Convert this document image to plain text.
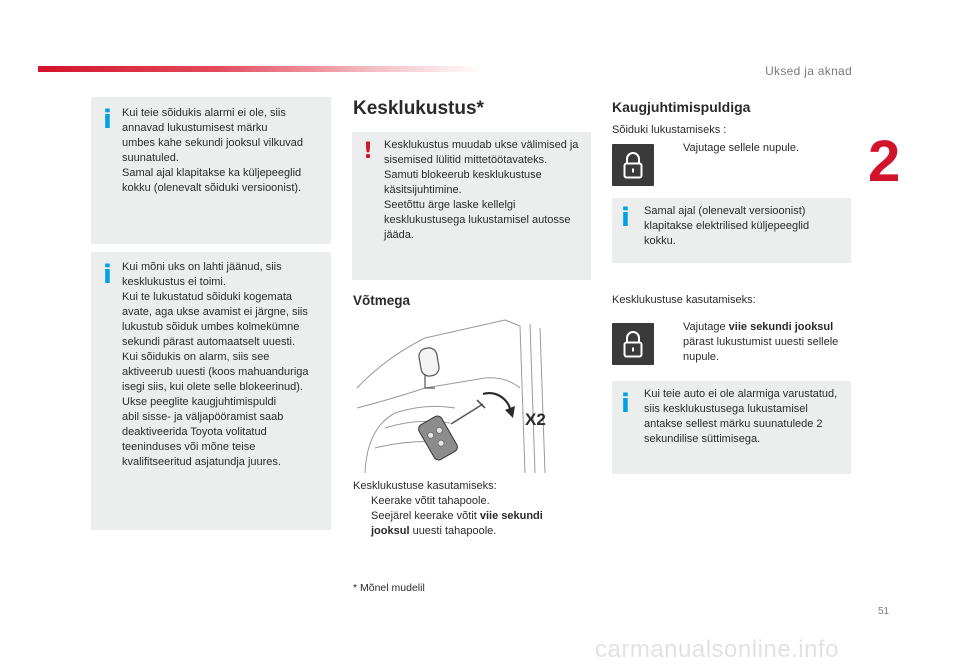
Uksed ja aknad
2
i Kui teie sõidukis alarmi ei ole, siis
annavad lukustumisest märku
umbes kahe sekundi jooksul vilkuvad
suunatuled.
Samal ajal klapitakse ka küljepeeglid
kokku (olenevalt sõiduki versioonist).
i Kui mõni uks on lahti jäänud, siis
kesklukustus ei toimi.
Kui te lukustatud sõiduki kogemata
avate, aga ukse avamist ei järgne, siis
lukustub sõiduk umbes kolmekümne
sekundi pärast automaatselt uuesti.
Kui sõidukis on alarm, siis see
aktiveerub uuesti (koos mahuanduriga
isegi siis, kui olete selle blokeerinud).
Ukse peeglite kaugjuhtimispuldi
abil sisse- ja väljapööramist saab
deaktiveerida Toyota volitatud
teeninduses või mõne teise
kvalifitseeritud asjatundja juures.
Kesklukustus*
! Kesklukustus muudab ukse välimised ja
sisemised lülitid mittetöötavateks.
Samuti blokeerub kesklukustuse
käsitsijuhtimine.
Seetõttu ärge laske kellelgi
kesklukustusega lukustamisel autosse
jääda.
Võtmega
X2
Kesklukustuse kasutamiseks:
Keerake võtit tahapoole.
Seejärel keerake võtit viie sekundi
jooksul uuesti tahapoole.
* Mõnel mudelil
Kaugjuhtimispuldiga
Sõiduki lukustamiseks :
Vajutage sellele nupule.
i Samal ajal (olenevalt versioonist)
klapitakse elektrilised küljepeeglid
kokku.
Kesklukustuse kasutamiseks:
Vajutage viie sekundi jooksul
pärast lukustumist uuesti sellele
nupule.
i Kui teie auto ei ole alarmiga varustatud,
siis kesklukustusega lukustamisel
antakse sellest märku suunatulede 2
sekundilise süttimisega.
51
carmanualsonline.info
